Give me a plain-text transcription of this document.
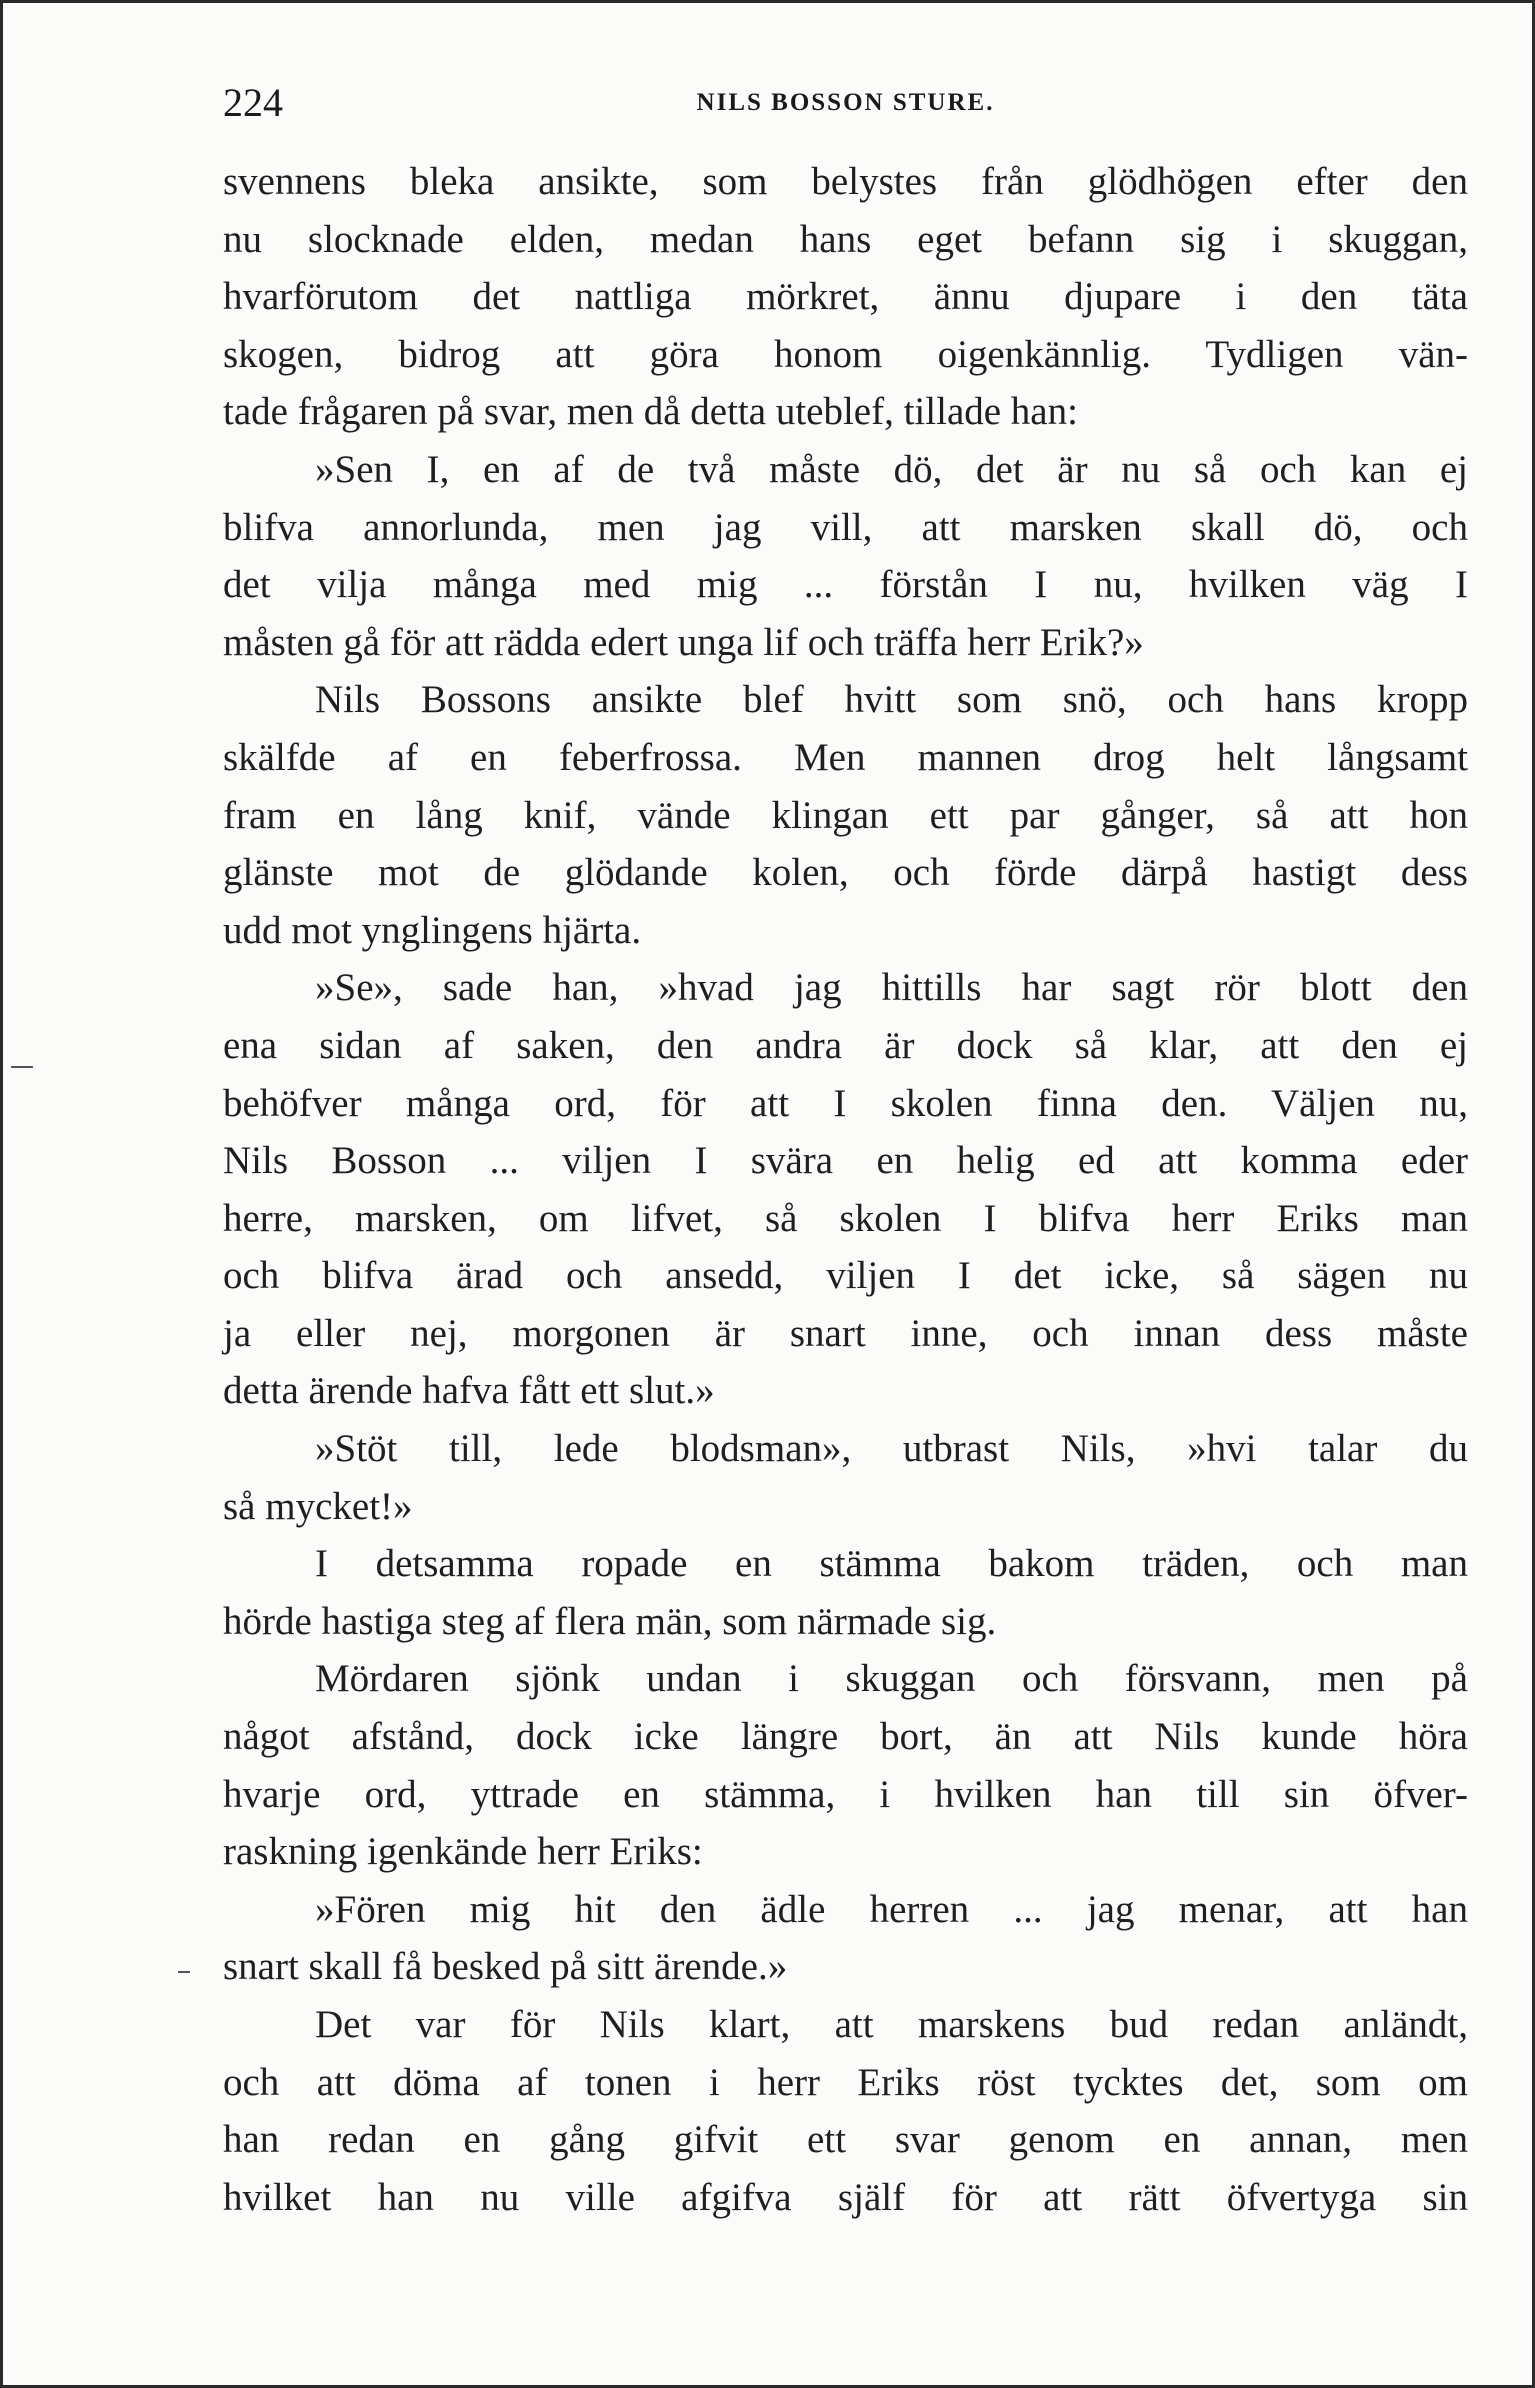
224	NILS BOSSON STURE.
svennens bleka ansikte, som belystes från glödhögen efter den
nu slocknade elden, medan hans eget befann sig i skuggan,
hvarförutom det nattliga mörkret, ännu djupare i den täta
skogen, bidrog att göra honom oigenkännlig. Tydligen vän-
tade frågaren på svar, men då detta uteblef, tillade han:
»Sen I, en af de två måste dö, det är nu så och kan ej
blifva annorlunda, men jag vill, att marsken skall dö, och
det vilja många med mig ... förstån I nu, hvilken väg I
måsten gå för att rädda edert unga lif och träffa herr Erik?»
Nils Bossons ansikte blef hvitt som snö, och hans kropp
skälfde af en feberfrossa. Men mannen drog helt långsamt
fram en lång knif, vände klingan ett par gånger, så att hon
glänste mot de glödande kolen, och förde därpå hastigt dess
udd mot ynglingens hjärta.
»Se», sade han, »hvad jag hittills har sagt rör blott den
ena sidan af saken, den andra är dock så klar, att den ej
behöfver många ord, för att I skolen finna den. Väljen nu,
Nils Bosson ... viljen I svära en helig ed att komma eder
herre, marsken, om lifvet, så skolen I blifva herr Eriks man
och blifva ärad och ansedd, viljen I det icke, så sägen nu
ja eller nej, morgonen är snart inne, och innan dess måste
detta ärende hafva fått ett slut.»
»Stöt till, lede blodsman», utbrast Nils, »hvi talar du
så mycket!»
I detsamma ropade en stämma bakom träden, och man
hörde hastiga steg af flera män, som närmade sig.
Mördaren sjönk undan i skuggan och försvann, men på
något afstånd, dock icke längre bort, än att Nils kunde höra
hvarje ord, yttrade en stämma, i hvilken han till sin öfver-
raskning igenkände herr Eriks:
»Fören mig hit den ädle herren ... jag menar, att han
snart skall få besked på sitt ärende.»
Det var för Nils klart, att marskens bud redan anländt,
och att döma af tonen i herr Eriks röst tycktes det, som om
han redan en gång gifvit ett svar genom en annan, men
hvilket han nu ville afgifva själf för att rätt öfvertyga sin
